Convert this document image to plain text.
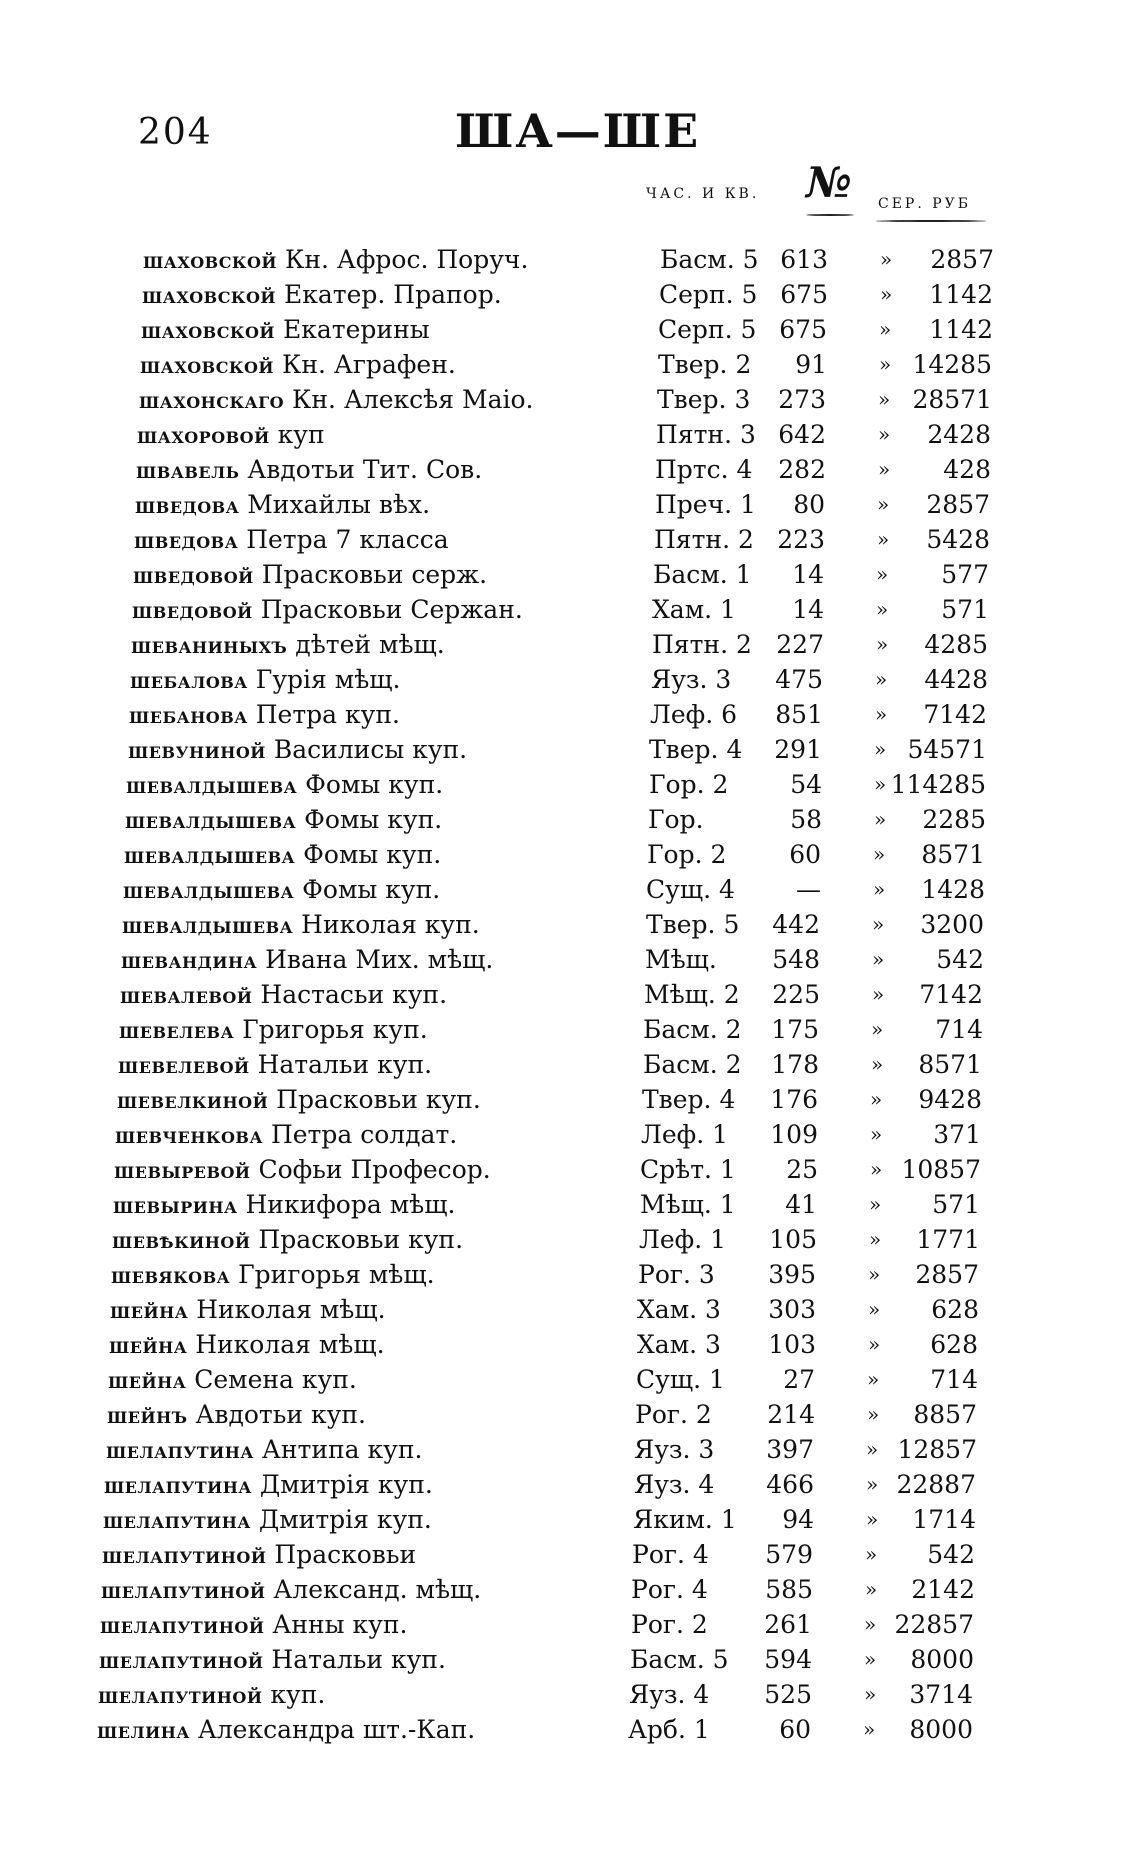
204	ША—ШЕ
ЧАС. И КВ. № СЕР. РУБ
шаховской Кн. Афрос. Поруч.	Басм. 5 613	»	2857
шаховской Екатер. Прапор.	Серп. 5 675	»	1142
шаховской Екатерины	Серп. 5 675	»	1142
шаховской Кн. Аграфен.	Твер. 2	91	» 14285
шахонскаго Кн. Алексѣя Маіо.	Твер. 3	273	» 28571
шахоровой куп	Пятн. 3 642	»	2428
швавель Авдотьи Тит. Сов.	Пртс. 4	282	»	428
шведова Михайлы вѣх.	Преч. 1	80	»	2857
шведова Петра 7 класса	Пятн. 2 223	»	5428
шведовой Прасковьи серж.	Басм. 1	14	»	577
шведовой Прасковьи Сержан.	Хам. 1	14	»	571
шеваниныхъ дѣтей мѣщ.	Пятн. 2 227	»	4285
шебалова Гурія мѣщ.	Яуз. 3	475	»	4428
шебанова Петра куп.	Леф. 6	851	»	7142
шевуниной Василисы куп.	Твер. 4	291	» 54571
шевалдышева Фомы куп.	Гор. 2	54	» 114285
шевалдышева Фомы куп.	Гор.	58	»	2285
шевалдышева Фомы куп.	Гор. 2	60	»	8571
шевалдышева Фомы куп.	Сущ. 4	—	»	1428
шевалдышева Николая куп.	Твер. 5	442	»	3200
шевандина Ивана Мих. мѣщ.	Мѣщ.	548	»	542
шевалевой Настасьи куп.	Мѣщ. 2	225	»	7142
шевелева Григорья куп.	Басм. 2	175	»	714
шевелевой Натальи куп.	Басм. 2	178	»	8571
шевелкиной Прасковьи куп.	Твер. 4	176	»	9428
шевченкова Петра солдат.	Леф. 1	109	»	371
шевыревой Софьи Професор.	Срѣт. 1	25	» 10857
шевырина Никифора мѣщ.	Мѣщ. 1	41	»	571
шевѣкиной Прасковьи куп.	Леф. 1	105	»	1771
шевякова Григорья мѣщ.	Рог. 3	395	»	2857
шейна Николая мѣщ.	Хам. 3	303	»	628
шейна Николая мѣщ.	Хам. 3	103	»	628
шейна Семена куп.	Сущ. 1	27	»	714
шейнъ Авдотьи куп.	Рог. 2	214	»	8857
шелапутина Антипа куп.	Яуз. 3	397	» 12857
шелапутина Дмитрія куп.	Яуз. 4	466	» 22887
шелапутина Дмитрія куп.	Яким. 1	94	»	1714
шелапутиной Прасковьи	Рог. 4	579	»	542
шелапутиной Александ. мѣщ.	Рог. 4	585	»	2142
шелапутиной Анны куп.	Рог. 2	261	» 22857
шелапутиной Натальи куп.	Басм. 5	594	»	8000
шелапутиной куп.	Яуз. 4	525	»	3714
шелина Александра шт.-Кап.	Арб. 1	60	»	8000
